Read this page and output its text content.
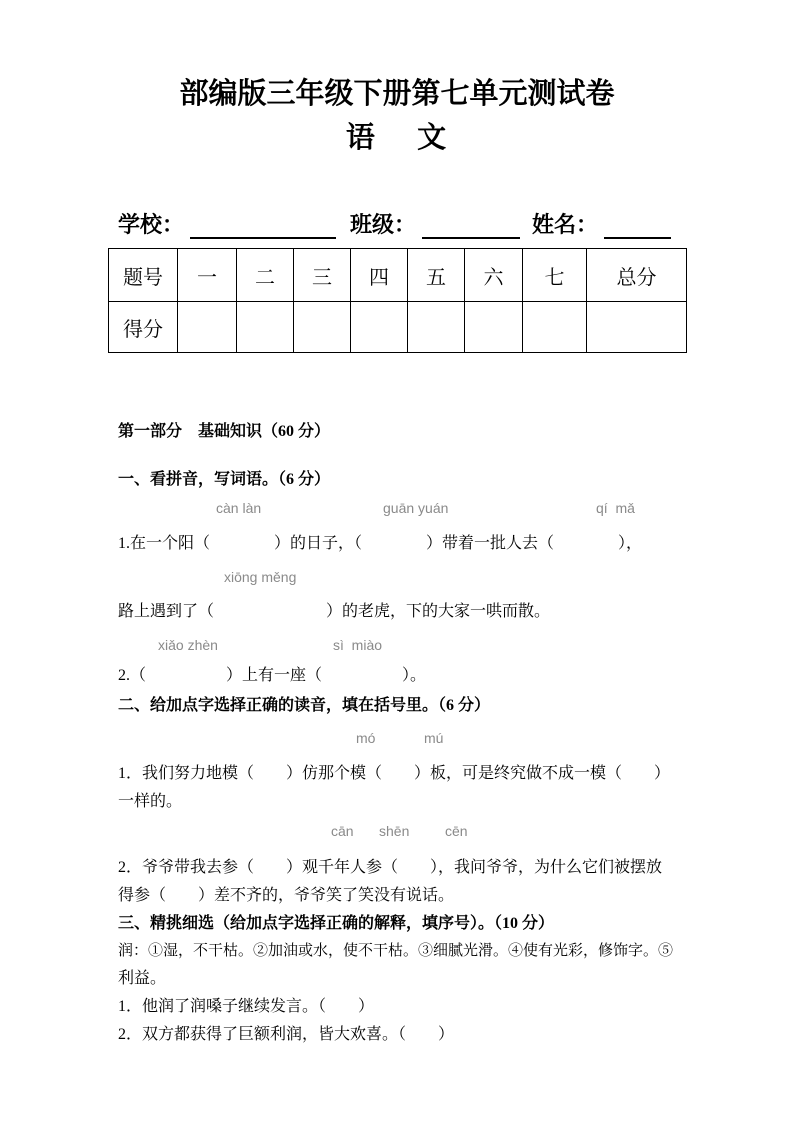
部编版三年级下册第七单元测试卷
语　 文
学校：	班级：	姓名：
题号	一	二	三	四	五	六	七	总分
得分								
第一部分　基础知识（60 分）
一、看拼音，写词语。（6 分）
càn làn	guān yuán	qí  mǎ
1.在一个阳（　　　　）的日子，（　　　　）带着一批人去（　　　　），
xiōng měng
路上遇到了（　　　　　　　）的老虎，下的大家一哄而散。
xiǎo zhèn	sì  miào
2.（　　　　　）上有一座（　　　　　）。
二、给加点字选择正确的读音，填在括号里。（6 分）
mó	mú
1．我们努力地模（　　）仿那个模（　　）板，可是终究做不成一模（　　）
一样的。
cān shēn	cēn
2．爷爷带我去参（　　）观千年人参（　　），我问爷爷，为什么它们被摆放
得参（　　）差不齐的，爷爷笑了笑没有说话。
三、精挑细选（给加点字选择正确的解释，填序号）。（10 分）
润：①湿，不干枯。②加油或水，使不干枯。③细腻光滑。④使有光彩，修饰字。⑤
利益。
1．他润了润嗓子继续发言。（　　）
2．双方都获得了巨额利润，皆大欢喜。（　　）
